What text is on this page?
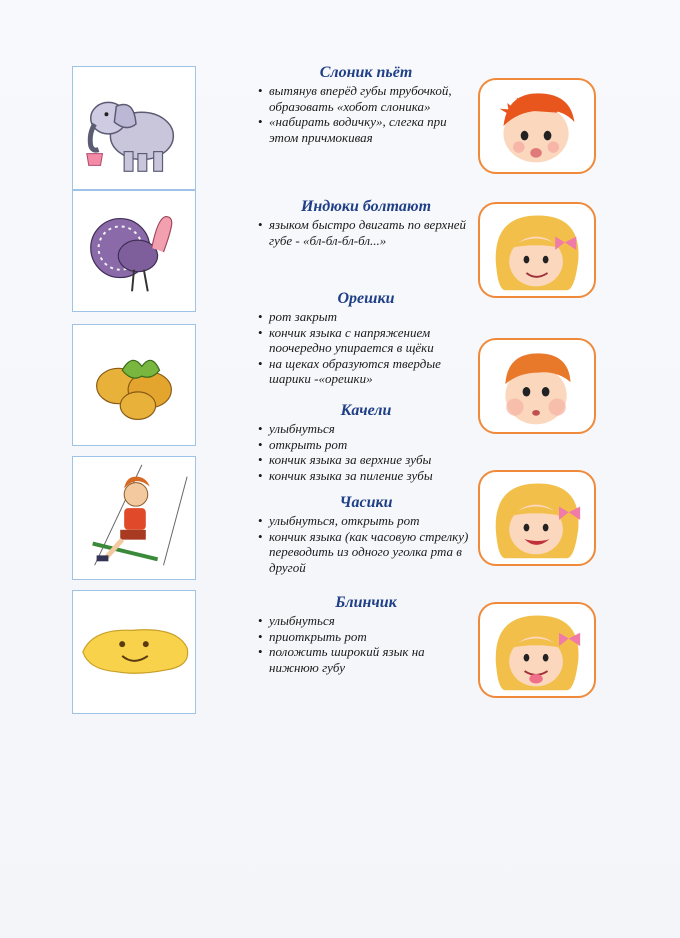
Слоник пьёт
• вытянув вперёд губы трубочкой, образовать «хобот слоника»
• «набирать водичку», слегка при этом причмокивая
Индюки болтают
• языком быстро двигать по верхней губе - «бл-бл-бл-бл...»
Орешки
• рот закрыт
• кончик языка с напряжением поочередно упирается в щёки
• на щеках образуются твердые шарики -«орешки»
Качели
• улыбнуться
• открыть рот
• кончик языка за верхние зубы
• кончик языка за пиление зубы
Часики
• улыбнуться, открыть рот
• кончик языка (как часовую стрелку) переводить из одного уголка рта в другой
Блинчик
• улыбнуться
• приоткрыть рот
• положить широкий язык на нижнюю губу
